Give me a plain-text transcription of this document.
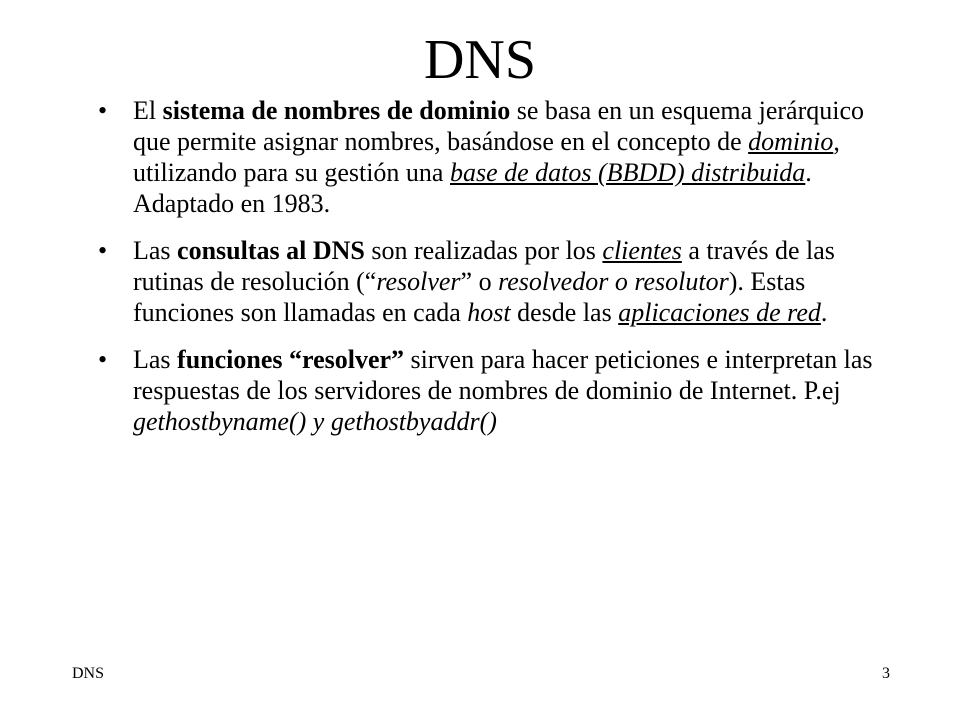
DNS
• El sistema de nombres de dominio se basa en un esquema jerárquico que permite asignar nombres, basándose en el concepto de dominio, utilizando para su gestión una base de datos (BBDD) distribuida. Adaptado en 1983.
• Las consultas al DNS son realizadas por los clientes a través de las rutinas de resolución (“resolver” o resolvedor o resolutor). Estas funciones son llamadas en cada host desde las aplicaciones de red.
• Las funciones “resolver” sirven para hacer peticiones e interpretan las respuestas de los servidores de nombres de dominio de Internet. P.ej gethostbyname() y gethostbyaddr()
DNS	3
